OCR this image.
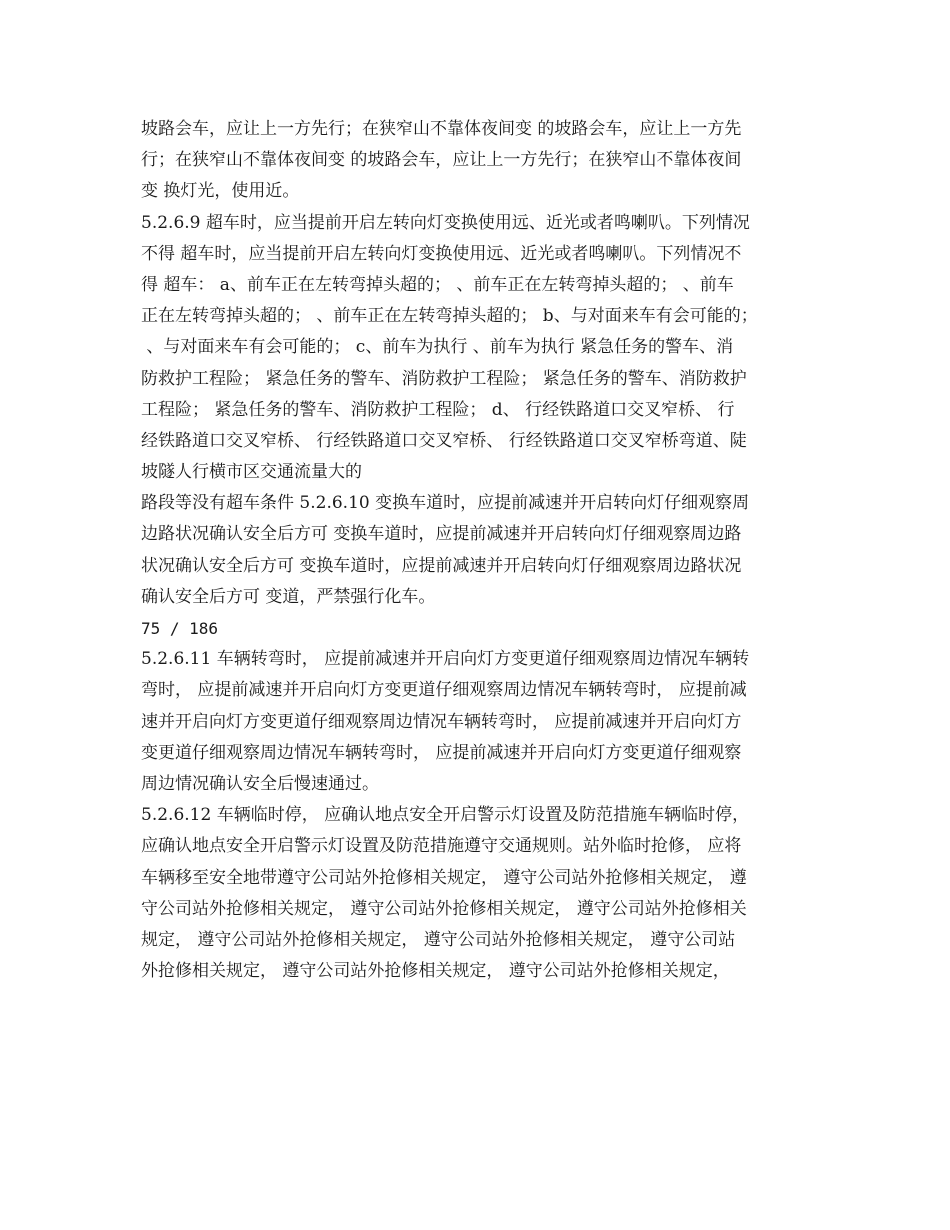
坡路会车，应让上一方先行；在狭窄山不靠体夜间变 的坡路会车，应让上一方先
行；在狭窄山不靠体夜间变 的坡路会车，应让上一方先行；在狭窄山不靠体夜间
变 换灯光，使用近。
5.2.6.9 超车时，应当提前开启左转向灯变换使用远、近光或者鸣喇叭。下列情况
不得 超车时，应当提前开启左转向灯变换使用远、近光或者鸣喇叭。下列情况不
得 超车： a、前车正在左转弯掉头超的； 、前车正在左转弯掉头超的； 、前车
正在左转弯掉头超的； 、前车正在左转弯掉头超的； b、与对面来车有会可能的；
、与对面来车有会可能的； c、前车为执行 、前车为执行 紧急任务的警车、消
防救护工程险； 紧急任务的警车、消防救护工程险； 紧急任务的警车、消防救护
工程险； 紧急任务的警车、消防救护工程险； d、 行经铁路道口交叉窄桥、 行
经铁路道口交叉窄桥、 行经铁路道口交叉窄桥、 行经铁路道口交叉窄桥弯道、陡
坡隧人行横市区交通流量大的
路段等没有超车条件 5.2.6.10 变换车道时，应提前减速并开启转向灯仔细观察周
边路状况确认安全后方可 变换车道时，应提前减速并开启转向灯仔细观察周边路
状况确认安全后方可 变换车道时，应提前减速并开启转向灯仔细观察周边路状况
确认安全后方可 变道，严禁强行化车。
75 / 186
5.2.6.11 车辆转弯时， 应提前减速并开启向灯方变更道仔细观察周边情况车辆转
弯时， 应提前减速并开启向灯方变更道仔细观察周边情况车辆转弯时， 应提前减
速并开启向灯方变更道仔细观察周边情况车辆转弯时， 应提前减速并开启向灯方
变更道仔细观察周边情况车辆转弯时， 应提前减速并开启向灯方变更道仔细观察
周边情况确认安全后慢速通过。
5.2.6.12 车辆临时停， 应确认地点安全开启警示灯设置及防范措施车辆临时停，
应确认地点安全开启警示灯设置及防范措施遵守交通规则。站外临时抢修， 应将
车辆移至安全地带遵守公司站外抢修相关规定， 遵守公司站外抢修相关规定， 遵
守公司站外抢修相关规定， 遵守公司站外抢修相关规定， 遵守公司站外抢修相关
规定， 遵守公司站外抢修相关规定， 遵守公司站外抢修相关规定， 遵守公司站
外抢修相关规定， 遵守公司站外抢修相关规定， 遵守公司站外抢修相关规定，
